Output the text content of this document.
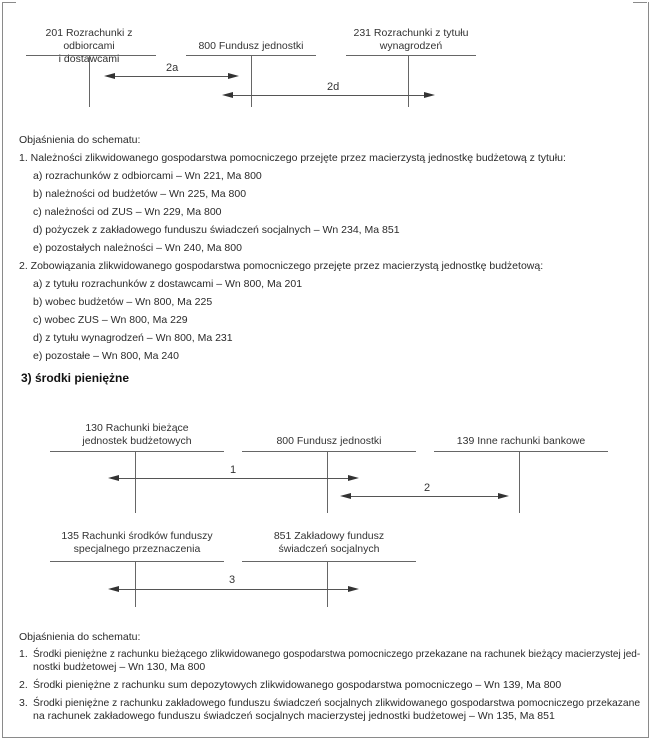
201 Rozrachunki z odbiorcami
i dostawcami
800 Fundusz jednostki
231 Rozrachunki z tytułu
wynagrodzeń
2a
2d
Objaśnienia do schematu:
1. Należności zlikwidowanego gospodarstwa pomocniczego przejęte przez macierzystą jednostkę budżetową z tytułu:
a) rozrachunków z odbiorcami – Wn 221, Ma 800
b) należności od budżetów – Wn 225, Ma 800
c) należności od ZUS – Wn 229, Ma 800
d) pożyczek z zakładowego funduszu świadczeń socjalnych – Wn 234, Ma 851
e) pozostałych należności – Wn 240, Ma 800
2. Zobowiązania zlikwidowanego gospodarstwa pomocniczego przejęte przez macierzystą jednostkę budżetową:
a) z tytułu rozrachunków z dostawcami – Wn 800, Ma 201
b) wobec budżetów – Wn 800, Ma 225
c) wobec ZUS – Wn 800, Ma 229
d) z tytułu wynagrodzeń – Wn 800, Ma 231
e) pozostałe – Wn 800, Ma 240
3) środki pieniężne
130 Rachunki bieżące
jednostek budżetowych	800 Fundusz jednostki	139 Inne rachunki bankowe
1
2
135 Rachunki środków funduszy
specjalnego przeznaczenia
851 Zakładowy fundusz
świadczeń socjalnych
3
Objaśnienia do schematu:
1. Środki pieniężne z rachunku bieżącego zlikwidowanego gospodarstwa pomocniczego przekazane na rachunek bieżący macierzystej jed-
nostki budżetowej – Wn 130, Ma 800
2. Środki pieniężne z rachunku sum depozytowych zlikwidowanego gospodarstwa pomocniczego – Wn 139, Ma 800
3. Środki pieniężne z rachunku zakładowego funduszu świadczeń socjalnych zlikwidowanego gospodarstwa pomocniczego przekazane
na rachunek zakładowego funduszu świadczeń socjalnych macierzystej jednostki budżetowej – Wn 135, Ma 851
